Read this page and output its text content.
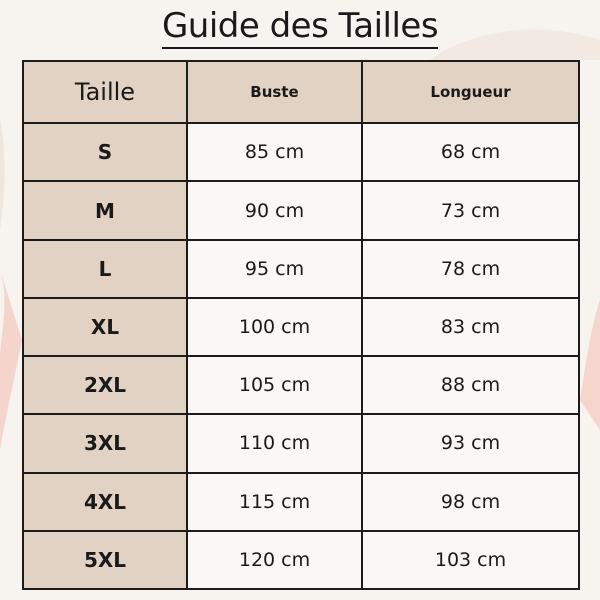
Guide des Tailles
Taille	Buste	Longueur
S	85 cm	68 cm
M	90 cm	73 cm
L	95 cm	78 cm
XL	100 cm	83 cm
2XL	105 cm	88 cm
3XL	110 cm	93 cm
4XL	115 cm	98 cm
5XL	120 cm	103 cm
